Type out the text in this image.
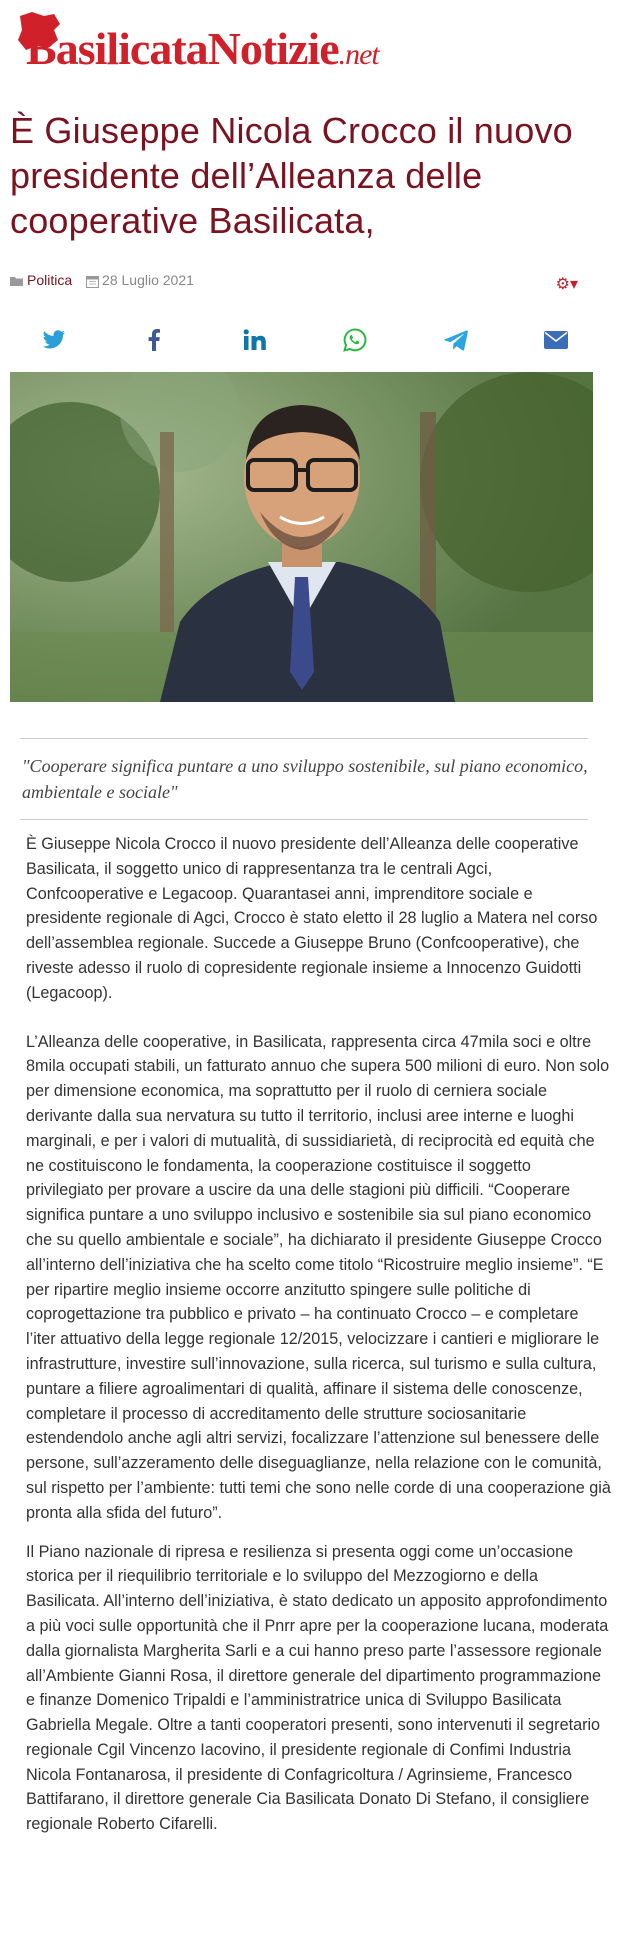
BasilicataNotizie.net
È Giuseppe Nicola Crocco il nuovo presidente dell’Alleanza delle cooperative Basilicata,
Politica 28 Luglio 2021	⚙▾
"Cooperare significa puntare a uno sviluppo sostenibile, sul piano economico, ambientale e sociale"

È Giuseppe Nicola Crocco il nuovo presidente dell’Alleanza delle cooperative Basilicata, il soggetto unico di rappresentanza tra le centrali Agci, Confcooperative e Legacoop. Quarantasei anni, imprenditore sociale e presidente regionale di Agci, Crocco è stato eletto il 28 luglio a Matera nel corso dell’assemblea regionale. Succede a Giuseppe Bruno (Confcooperative), che riveste adesso il ruolo di copresidente regionale insieme a Innocenzo Guidotti (Legacoop).

L’Alleanza delle cooperative, in Basilicata, rappresenta circa 47mila soci e oltre 8mila occupati stabili, un fatturato annuo che supera 500 milioni di euro. Non solo per dimensione economica, ma soprattutto per il ruolo di cerniera sociale derivante dalla sua nervatura su tutto il territorio, inclusi aree interne e luoghi marginali, e per i valori di mutualità, di sussidiarietà, di reciprocità ed equità che ne costituiscono le fondamenta, la cooperazione costituisce il soggetto privilegiato per provare a uscire da una delle stagioni più difficili. “Cooperare significa puntare a uno sviluppo inclusivo e sostenibile sia sul piano economico che su quello ambientale e sociale”, ha dichiarato il presidente Giuseppe Crocco all’interno dell’iniziativa che ha scelto come titolo “Ricostruire meglio insieme”. “E per ripartire meglio insieme occorre anzitutto spingere sulle politiche di coprogettazione tra pubblico e privato – ha continuato Crocco – e completare l’iter attuativo della legge regionale 12/2015, velocizzare i cantieri e migliorare le infrastrutture, investire sull’innovazione, sulla ricerca, sul turismo e sulla cultura, puntare a filiere agroalimentari di qualità, affinare il sistema delle conoscenze, completare il processo di accreditamento delle strutture sociosanitarie estendendolo anche agli altri servizi, focalizzare l’attenzione sul benessere delle persone, sull’azzeramento delle diseguaglianze, nella relazione con le comunità, sul rispetto per l’ambiente: tutti temi che sono nelle corde di una cooperazione già pronta alla sfida del futuro”.

Il Piano nazionale di ripresa e resilienza si presenta oggi come un’occasione storica per il riequilibrio territoriale e lo sviluppo del Mezzogiorno e della Basilicata. All’interno dell’iniziativa, è stato dedicato un apposito approfondimento a più voci sulle opportunità che il Pnrr apre per la cooperazione lucana, moderata dalla giornalista Margherita Sarli e a cui hanno preso parte l’assessore regionale all’Ambiente Gianni Rosa, il direttore generale del dipartimento programmazione e finanze Domenico Tripaldi e l’amministratrice unica di Sviluppo Basilicata Gabriella Megale. Oltre a tanti cooperatori presenti, sono intervenuti il segretario regionale Cgil Vincenzo Iacovino, il presidente regionale di Confimi Industria Nicola Fontanarosa, il presidente di Confagricoltura / Agrinsieme, Francesco Battifarano, il direttore generale Cia Basilicata Donato Di Stefano, il consigliere regionale Roberto Cifarelli.
